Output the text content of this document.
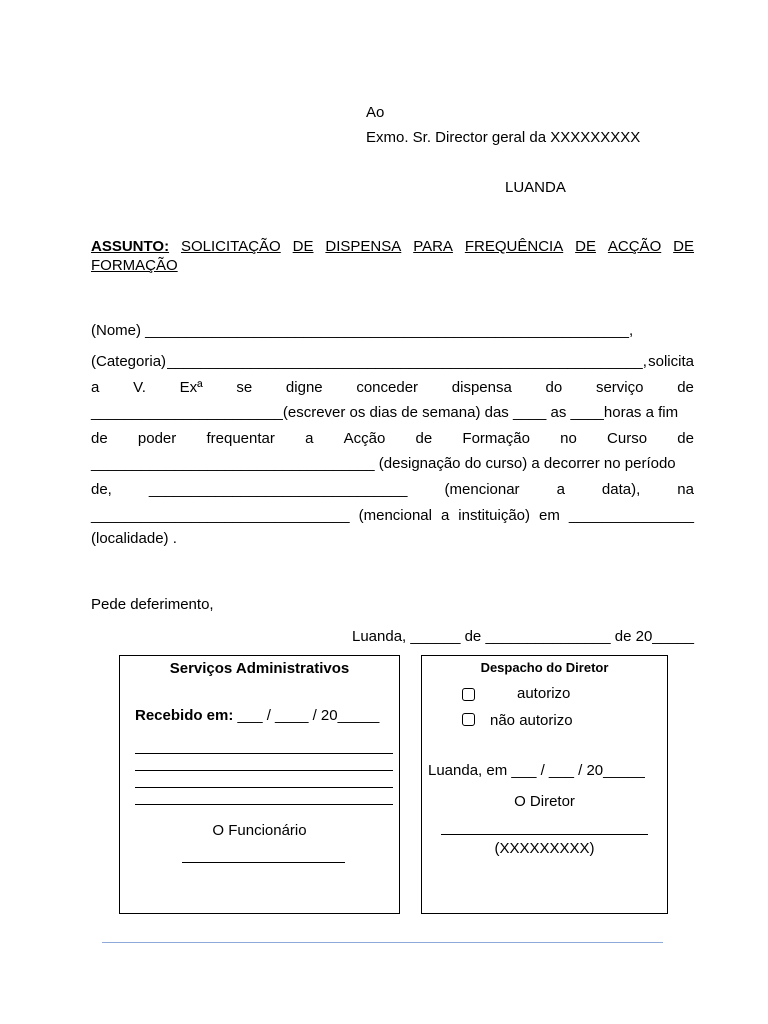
Ao
Exmo. Sr. Director geral da XXXXXXXXX
LUANDA
ASSUNTO: SOLICITAÇÃO DE DISPENSA PARA FREQUÊNCIA DE ACÇÃO DE
FORMAÇÃO
(Nome) __________________________________________________________,
(Categoria) _________________________________________________________, solicita
a V. Exª se digne conceder dispensa do serviço de
_______________________(escrever os dias de semana) das ____ as ____horas a fim
de poder frequentar a Acção de Formação no Curso de
__________________________________ (designação do curso) a decorrer no período
de, _______________________________ (mencionar a data), na
_______________________________ (mencional a instituição) em _______________
(localidade) .
Pede deferimento,
Luanda, ______ de _______________ de 20_____
Serviços Administrativos
Recebido em: ___ / ____ / 20_____
O Funcionário
Despacho do Diretor
autorizo
não autorizo
Luanda, em ___ / ___ / 20_____
O Diretor
(XXXXXXXXX)
